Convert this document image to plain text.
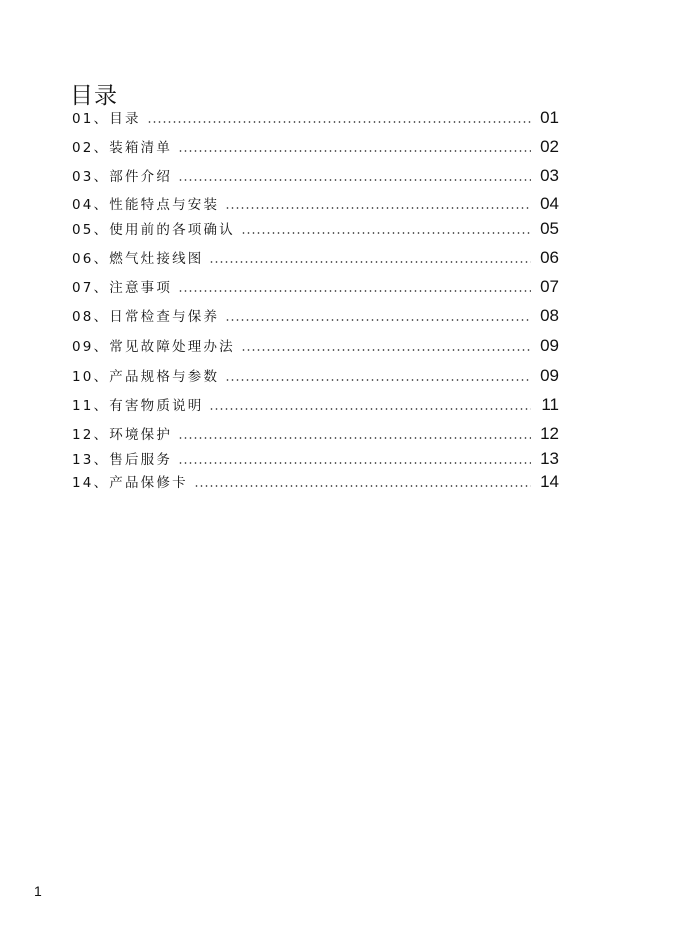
目录
01、目录	01
02、装箱清单	02
03、部件介绍	03
04、性能特点与安装	04
05、使用前的各项确认	05
06、燃气灶接线图	06
07、注意事项	07
08、日常检查与保养	08
09、常见故障处理办法	09
10、产品规格与参数	09
11、有害物质说明	11
12、环境保护	12
13、售后服务	13
14、产品保修卡	14
1
